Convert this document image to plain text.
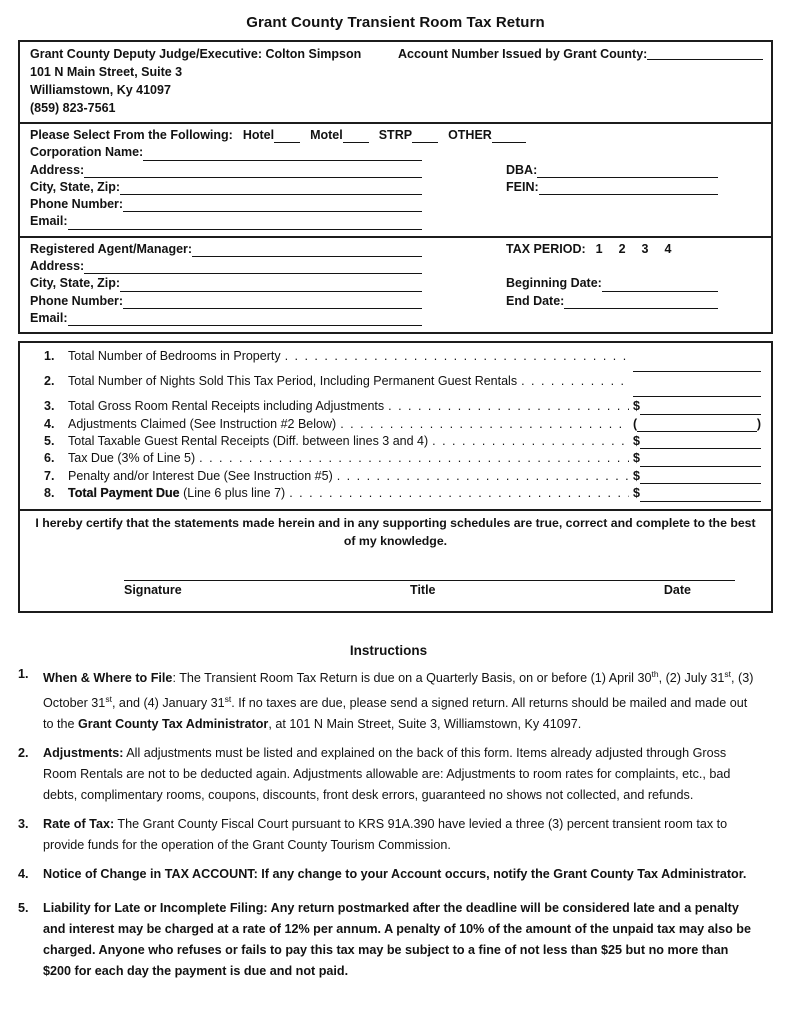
Grant County Transient Room Tax Return
Grant County Deputy Judge/Executive: Colton Simpson
101 N Main Street, Suite 3
Williamstown, Ky 41097
(859) 823-7561
Account Number Issued by Grant County:
Please Select From the Following: Hotel	Motel	STRP	OTHER
Corporation Name:
Address:	DBA:
City, State, Zip:	FEIN:
Phone Number:
Email:
Registered Agent/Manager:	TAX PERIOD: 1 2 3 4
Address:
City, State, Zip:	Beginning Date:
Phone Number:	End Date:
Email:
1.	Total Number of Bedrooms in Property
. . .
2.	Total Number of Nights Sold This Tax Period, Including Permanent Guest Rentals
. . .
3.	Total Gross Room Rental Receipts including Adjustments . . .	$
4.	Adjustments Claimed (See Instruction #2 Below) . . .	(	)
5.	Total Taxable Guest Rental Receipts (Diff. between lines 3 and 4) . . .	$
6.	Tax Due (3% of Line 5) . . .	$
7.	Penalty and/or Interest Due (See Instruction #5) . . .	$
8.	Total Payment Due (Line 6 plus line 7) . . .	$
I hereby certify that the statements made herein and in any supporting schedules are true, correct and complete to the best of my knowledge.
Signature	Title	Date
Instructions
1.	When & Where to File: The Transient Room Tax Return is due on a Quarterly Basis, on or before (1) April 30th, (2) July 31st, (3) October 31st, and (4) January 31st. If no taxes are due, please send a signed return. All returns should be mailed and made out to the Grant County Tax Administrator, at 101 N Main Street, Suite 3, Williamstown, Ky 41097.
2.	Adjustments: All adjustments must be listed and explained on the back of this form. Items already adjusted through Gross Room Rentals are not to be deducted again. Adjustments allowable are: Adjustments to room rates for complaints, etc., bad debts, complimentary rooms, coupons, discounts, front desk errors, guaranteed no shows not collected, and refunds.
3.	Rate of Tax: The Grant County Fiscal Court pursuant to KRS 91A.390 have levied a three (3) percent transient room tax to provide funds for the operation of the Grant County Tourism Commission.
4.	Notice of Change in TAX ACCOUNT: If any change to your Account occurs, notify the Grant County Tax Administrator.
5.	Liability for Late or Incomplete Filing: Any return postmarked after the deadline will be considered late and a penalty and interest may be charged at a rate of 12% per annum. A penalty of 10% of the amount of the unpaid tax may also be charged. Anyone who refuses or fails to pay this tax may be subject to a fine of not less than $25 but no more than $200 for each day the payment is due and not paid.
